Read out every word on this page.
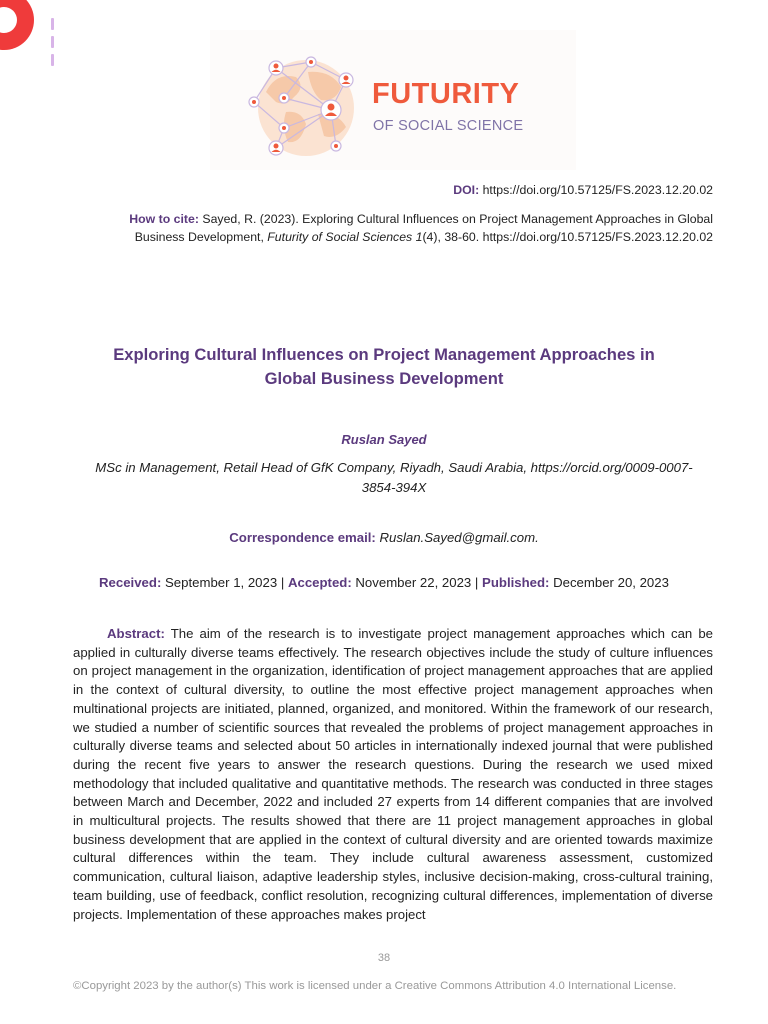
FUTURITY
OF SOCIAL SCIENCE
DOI: https://doi.org/10.57125/FS.2023.12.20.02
How to cite: Sayed, R. (2023). Exploring Cultural Influences on Project Management Approaches in Global
Business Development, Futurity of Social Sciences 1(4), 38-60. https://doi.org/10.57125/FS.2023.12.20.02
Exploring Cultural Influences on Project Management Approaches in
Global Business Development
Ruslan Sayed
MSc in Management, Retail Head of GfK Company, Riyadh, Saudi Arabia, https://orcid.org/0009-0007-3854-394X
Correspondence email: Ruslan.Sayed@gmail.com.
Received: September 1, 2023 | Accepted: November 22, 2023 | Published: December 20, 2023

Abstract: The aim of the research is to investigate project management approaches which can be applied in culturally diverse teams effectively. The research objectives include the study of culture influences on project management in the organization, identification of project management approaches that are applied in the context of cultural diversity, to outline the most effective project management approaches when multinational projects are initiated, planned, organized, and monitored. Within the framework of our research, we studied a number of scientific sources that revealed the problems of project management approaches in culturally diverse teams and selected about 50 articles in internationally indexed journal that were published during the recent five years to answer the research questions. During the research we used mixed methodology that included qualitative and quantitative methods. The research was conducted in three stages between March and December, 2022 and included 27 experts from 14 different companies that are involved in multicultural projects. The results showed that there are 11 project management approaches in global business development that are applied in the context of cultural diversity and are oriented towards maximize cultural differences within the team. They include cultural awareness assessment, customized communication, cultural liaison, adaptive leadership styles, inclusive decision-making, cross-cultural training, team building, use of feedback, conflict resolution, recognizing cultural differences, implementation of diverse projects. Implementation of these approaches makes project

38
©Copyright 2023 by the author(s) This work is licensed under a Creative Commons Attribution 4.0 International License.
